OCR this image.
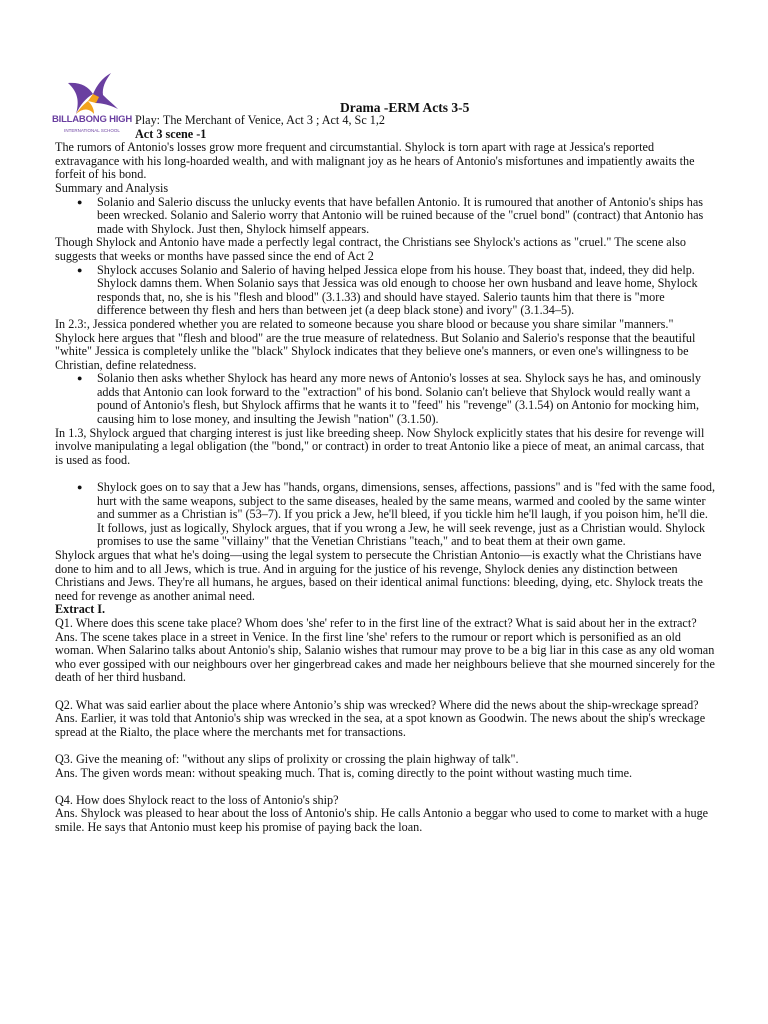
BILLABONG HIGH
INTERNATIONAL SCHOOL
Drama -ERM Acts 3-5

Play: The Merchant of Venice, Act 3 ; Act 4, Sc 1,2

Act 3 scene -1

The rumors of Antonio's losses grow more frequent and circumstantial. Shylock is torn apart with rage at Jessica's reported extravagance with his long-hoarded wealth, and with malignant joy as he hears of Antonio's misfortunes and impatiently awaits the forfeit of his bond.

Summary and Analysis

● Solanio and Salerio discuss the unlucky events that have befallen Antonio. It is rumoured that another of Antonio's ships has been wrecked. Solanio and Salerio worry that Antonio will be ruined because of the "cruel bond" (contract) that Antonio has made with Shylock. Just then, Shylock himself appears.

Though Shylock and Antonio have made a perfectly legal contract, the Christians see Shylock's actions as "cruel." The scene also suggests that weeks or months have passed since the end of Act 2

● Shylock accuses Solanio and Salerio of having helped Jessica elope from his house. They boast that, indeed, they did help. Shylock damns them. When Solanio says that Jessica was old enough to choose her own husband and leave home, Shylock responds that, no, she is his "flesh and blood" (3.1.33) and should have stayed. Salerio taunts him that there is "more difference between thy flesh and hers than between jet (a deep black stone) and ivory" (3.1.34–5).

In 2.3:, Jessica pondered whether you are related to someone because you share blood or because you share similar "manners." Shylock here argues that "flesh and blood" are the true measure of relatedness. But Solanio and Salerio's response that the beautiful "white" Jessica is completely unlike the "black" Shylock indicates that they believe one's manners, or even one's willingness to be Christian, define relatedness.

● Solanio then asks whether Shylock has heard any more news of Antonio's losses at sea. Shylock says he has, and ominously adds that Antonio can look forward to the "extraction" of his bond. Solanio can't believe that Shylock would really want a pound of Antonio's flesh, but Shylock affirms that he wants it to "feed" his "revenge" (3.1.54) on Antonio for mocking him, causing him to lose money, and insulting the Jewish "nation" (3.1.50).

In 1.3, Shylock argued that charging interest is just like breeding sheep. Now Shylock explicitly states that his desire for revenge will involve manipulating a legal obligation (the "bond," or contract) in order to treat Antonio like a piece of meat, an animal carcass, that is used as food.

● Shylock goes on to say that a Jew has "hands, organs, dimensions, senses, affections, passions" and is "fed with the same food, hurt with the same weapons, subject to the same diseases, healed by the same means, warmed and cooled by the same winter and summer as a Christian is" (53–7). If you prick a Jew, he'll bleed, if you tickle him he'll laugh, if you poison him, he'll die. It follows, just as logically, Shylock argues, that if you wrong a Jew, he will seek revenge, just as a Christian would. Shylock promises to use the same "villainy" that the Venetian Christians "teach," and to beat them at their own game.

Shylock argues that what he's doing—using the legal system to persecute the Christian Antonio—is exactly what the Christians have done to him and to all Jews, which is true. And in arguing for the justice of his revenge, Shylock denies any distinction between Christians and Jews. They're all humans, he argues, based on their identical animal functions: bleeding, dying, etc. Shylock treats the need for revenge as another animal need.

Extract I.

Q1. Where does this scene take place? Whom does 'she' refer to in the first line of the extract? What is said about her in the extract?

Ans. The scene takes place in a street in Venice. In the first line 'she' refers to the rumour or report which is personified as an old woman. When Salarino talks about Antonio's ship, Salanio wishes that rumour may prove to be a big liar in this case as any old woman who ever gossiped with our neighbours over her gingerbread cakes and made her neighbours believe that she mourned sincerely for the death of her third husband.

Q2. What was said earlier about the place where Antonio’s ship was wrecked? Where did the news about the ship-wreckage spread?

Ans. Earlier, it was told that Antonio's ship was wrecked in the sea, at a spot known as Goodwin. The news about the ship's wreckage spread at the Rialto, the place where the merchants met for transactions.

Q3. Give the meaning of: "without any slips of prolixity or crossing the plain highway of talk".

Ans. The given words mean: without speaking much. That is, coming directly to the point without wasting much time.

Q4. How does Shylock react to the loss of Antonio's ship?

Ans. Shylock was pleased to hear about the loss of Antonio's ship. He calls Antonio a beggar who used to come to market with a huge smile. He says that Antonio must keep his promise of paying back the loan.
